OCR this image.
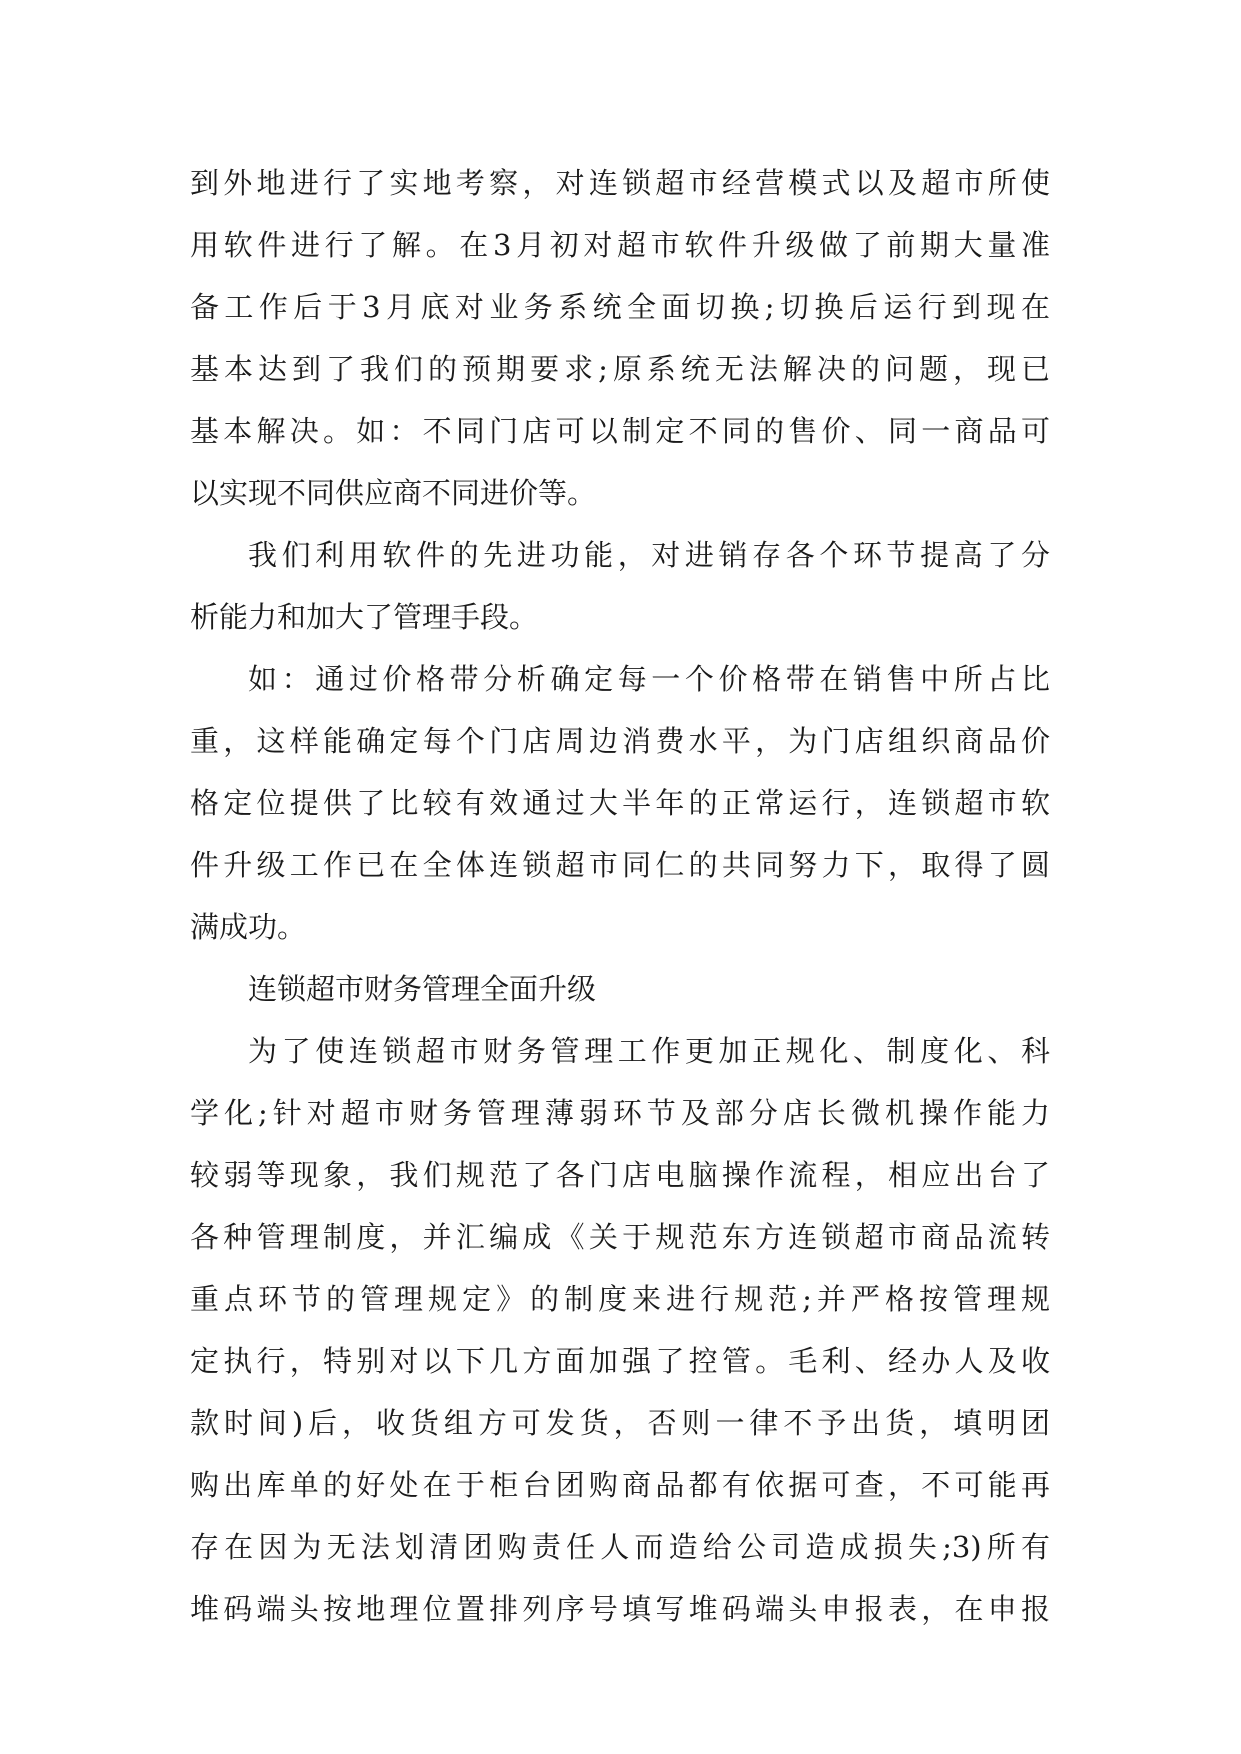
到外地进行了实地考察，对连锁超市经营模式以及超市所使
用软件进行了解。在3月初对超市软件升级做了前期大量准
备工作后于3月底对业务系统全面切换;切换后运行到现在
基本达到了我们的预期要求;原系统无法解决的问题，现已
基本解决。如：不同门店可以制定不同的售价、同一商品可
以实现不同供应商不同进价等。
我们利用软件的先进功能，对进销存各个环节提高了分
析能力和加大了管理手段。
如：通过价格带分析确定每一个价格带在销售中所占比
重，这样能确定每个门店周边消费水平，为门店组织商品价
格定位提供了比较有效通过大半年的正常运行，连锁超市软
件升级工作已在全体连锁超市同仁的共同努力下，取得了圆
满成功。
连锁超市财务管理全面升级
为了使连锁超市财务管理工作更加正规化、制度化、科
学化;针对超市财务管理薄弱环节及部分店长微机操作能力
较弱等现象，我们规范了各门店电脑操作流程，相应出台了
各种管理制度，并汇编成《关于规范东方连锁超市商品流转
重点环节的管理规定》的制度来进行规范;并严格按管理规
定执行，特别对以下几方面加强了控管。毛利、经办人及收
款时间)后，收货组方可发货，否则一律不予出货，填明团
购出库单的好处在于柜台团购商品都有依据可查，不可能再
存在因为无法划清团购责任人而造给公司造成损失;3)所有
堆码端头按地理位置排列序号填写堆码端头申报表，在申报
